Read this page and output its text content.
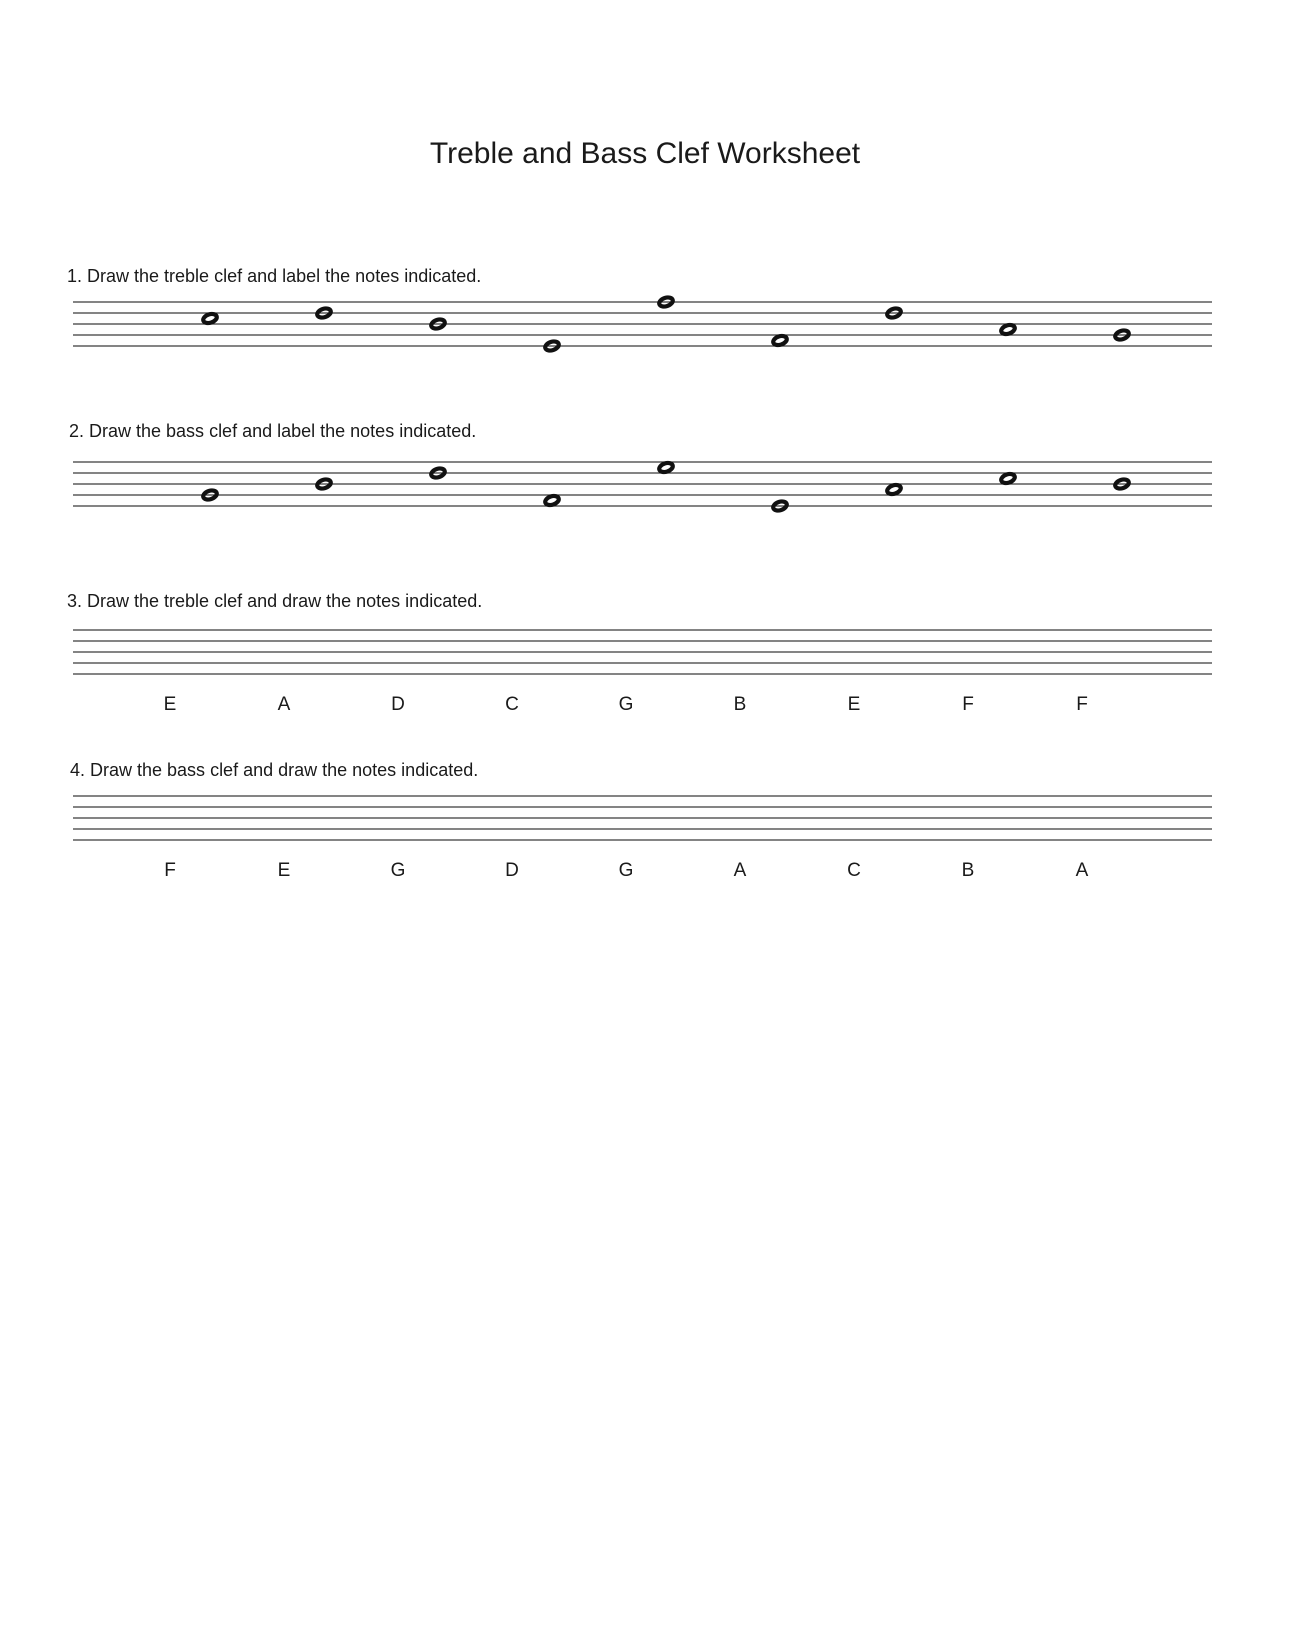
Treble and Bass Clef Worksheet
1. Draw the treble clef and label the notes indicated.
2. Draw the bass clef and label the notes indicated.
3. Draw the treble clef and draw the notes indicated.
4. Draw the bass clef and draw the notes indicated.
E	A	D	C	G	B	E	F	F
F	E	G	D	G	A	C	B	A
